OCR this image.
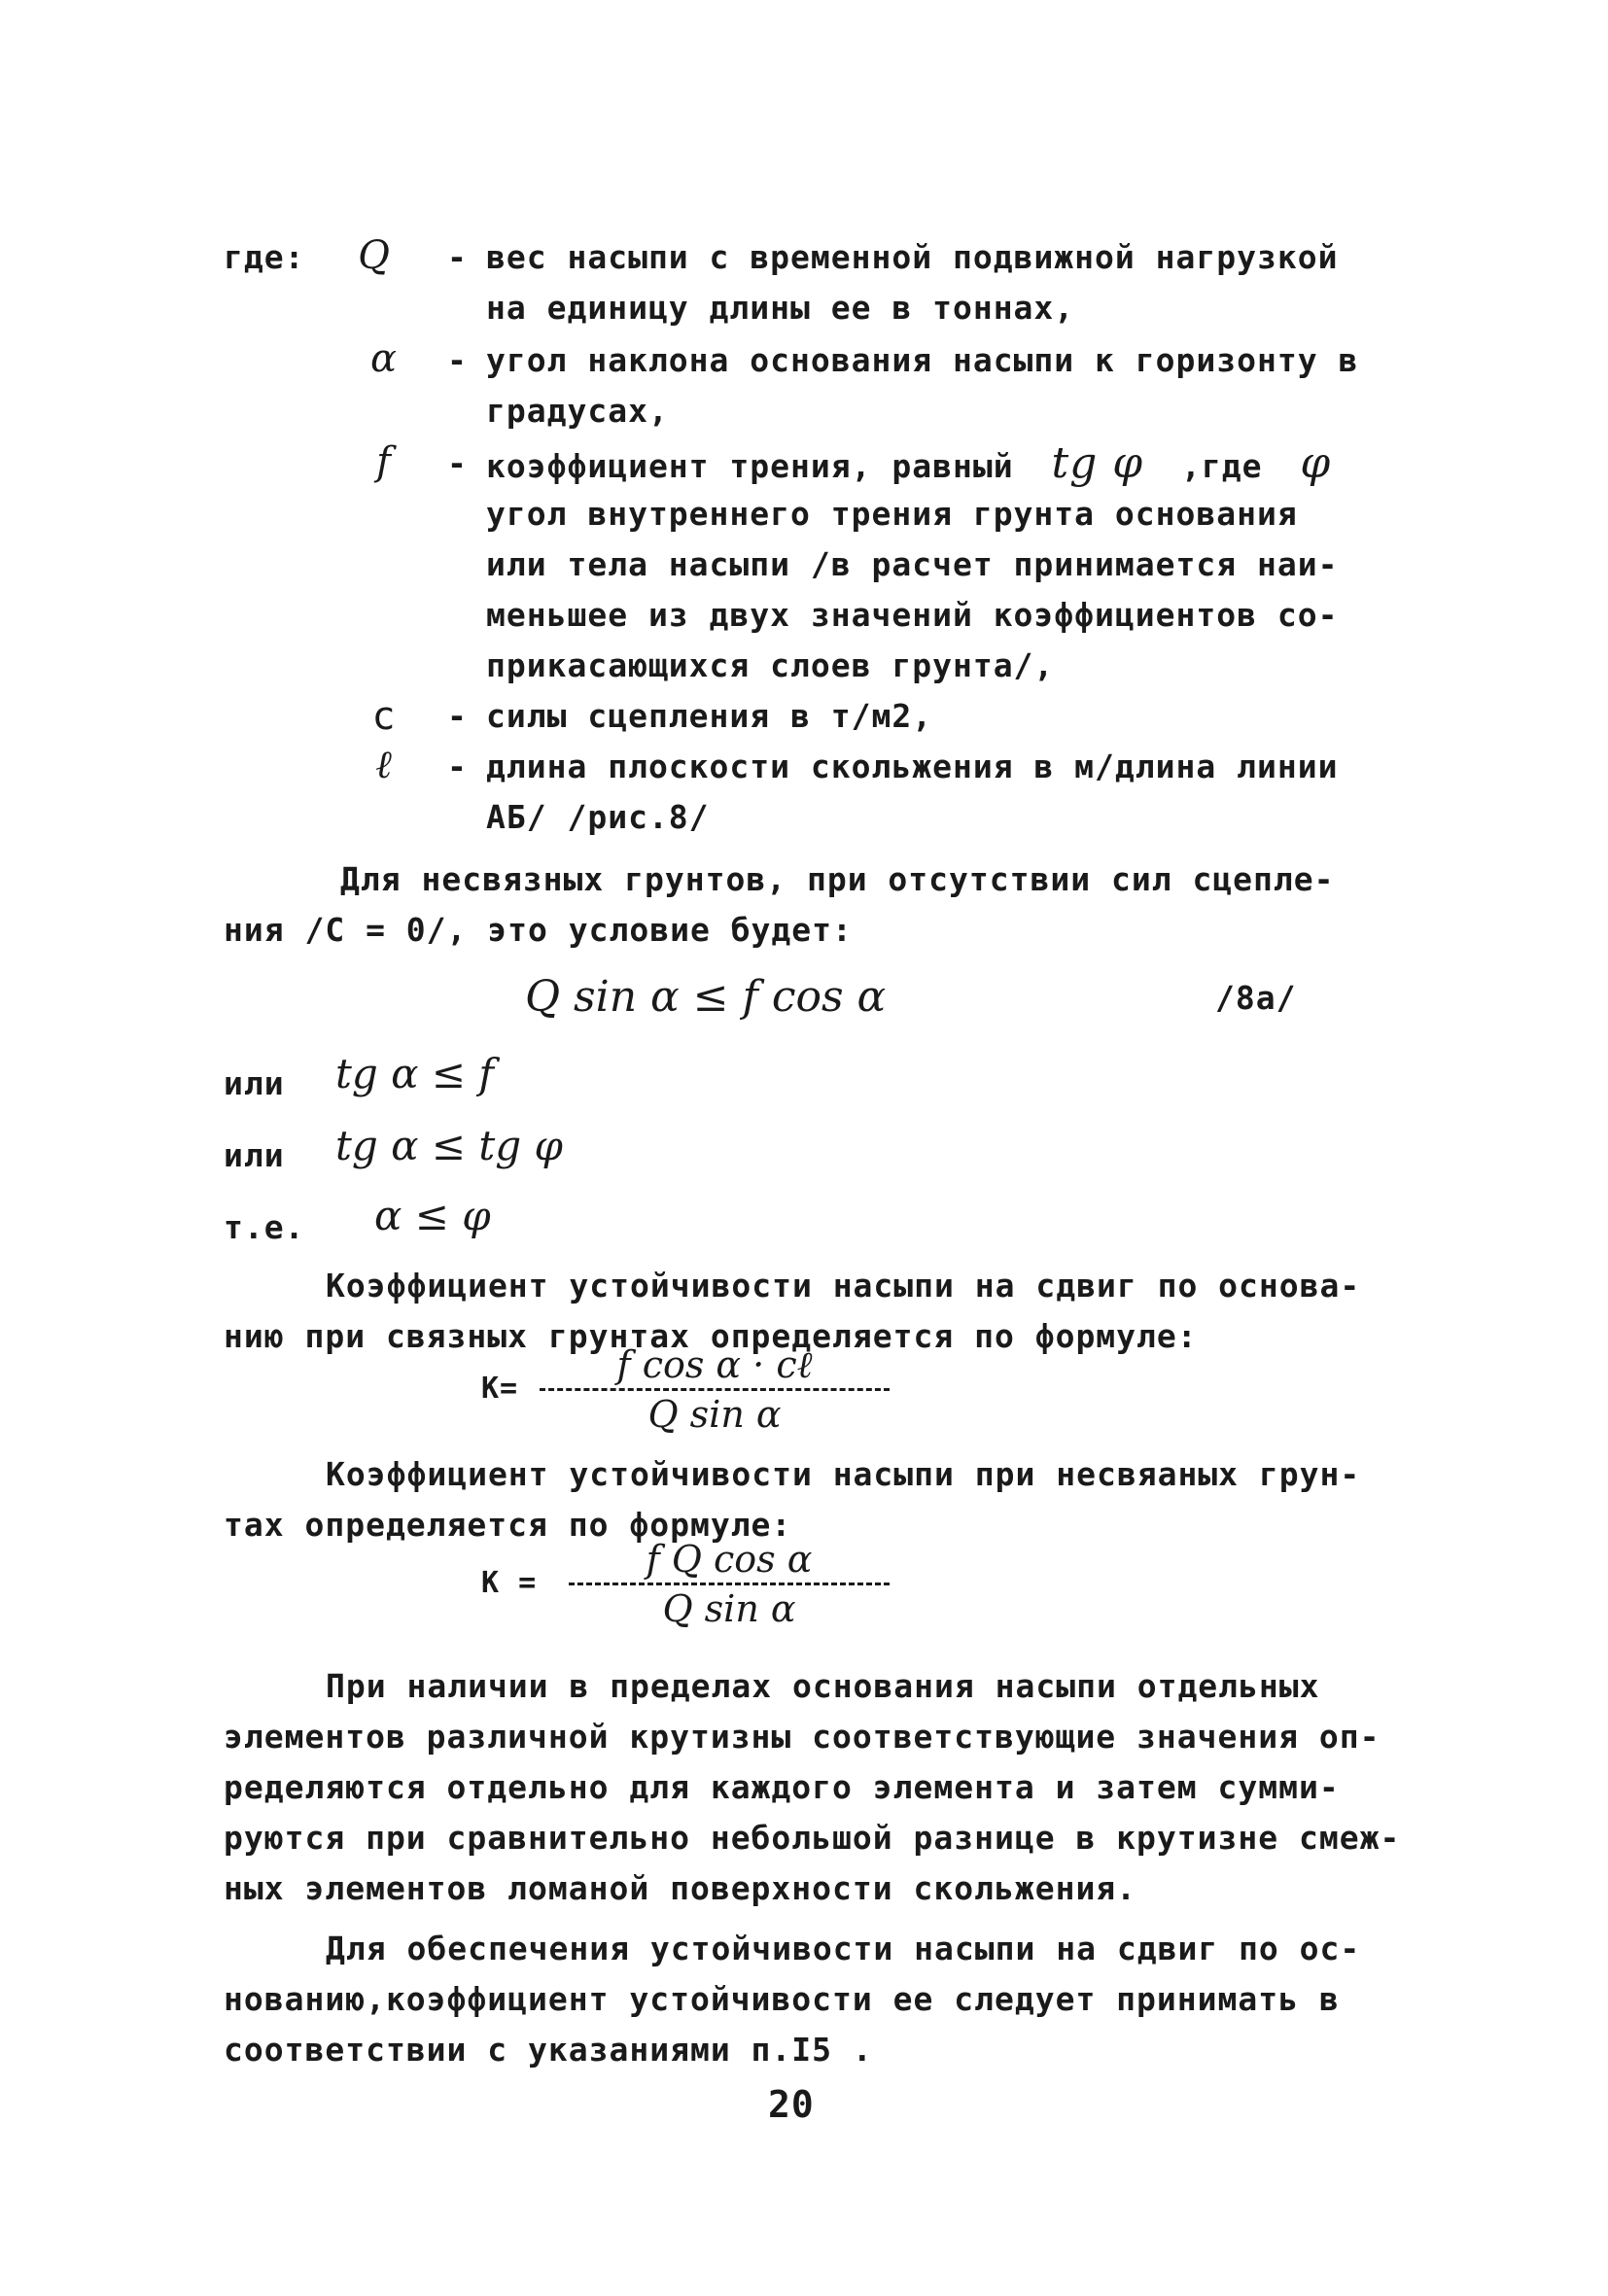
где: Q - вес насыпи с временной подвижной нагрузкой
на единицу длины ее в тоннах,
α	- угол наклона основания насыпи к горизонту в
градусах,
f	- коэффициент трения, равный tg φ ,где φ
угол внутреннего трения грунта основания
или тела насыпи /в расчет принимается наи-
меньшее из двух значений коэффициентов со-
прикасающихся слоев грунта/,
c	- силы сцепления в т/м2,
ℓ	- длина плоскости скольжения в м/длина линии
АБ/ /рис.8/
Для несвязных грунтов, при отсутствии сил сцепле-
ния /С = 0/, это условие будет:
Q sin α ≤ f cos α	/8а/
или tg α ≤ f
или tg α ≤ tg φ
т.е. α ≤ φ
Коэффициент устойчивости насыпи на сдвиг по основа-
нию при связных грунтах определяется по формуле:
K=
f cos α · cℓ
Q sin α
Коэффициент устойчивости насыпи при несвяаных грун-
тах определяется по формуле:
K =
f Q cos α
Q sin α
При наличии в пределах основания насыпи отдельных
элементов различной крутизны соответствующие значения оп-
ределяются отдельно для каждого элемента и затем сумми-
руются при сравнительно небольшой разнице в крутизне смеж-
ных элементов ломаной поверхности скольжения.
Для обеспечения устойчивости насыпи на сдвиг по ос-
нованию,коэффициент устойчивости ее следует принимать в
соответствии с указаниями п.I5 .
20
